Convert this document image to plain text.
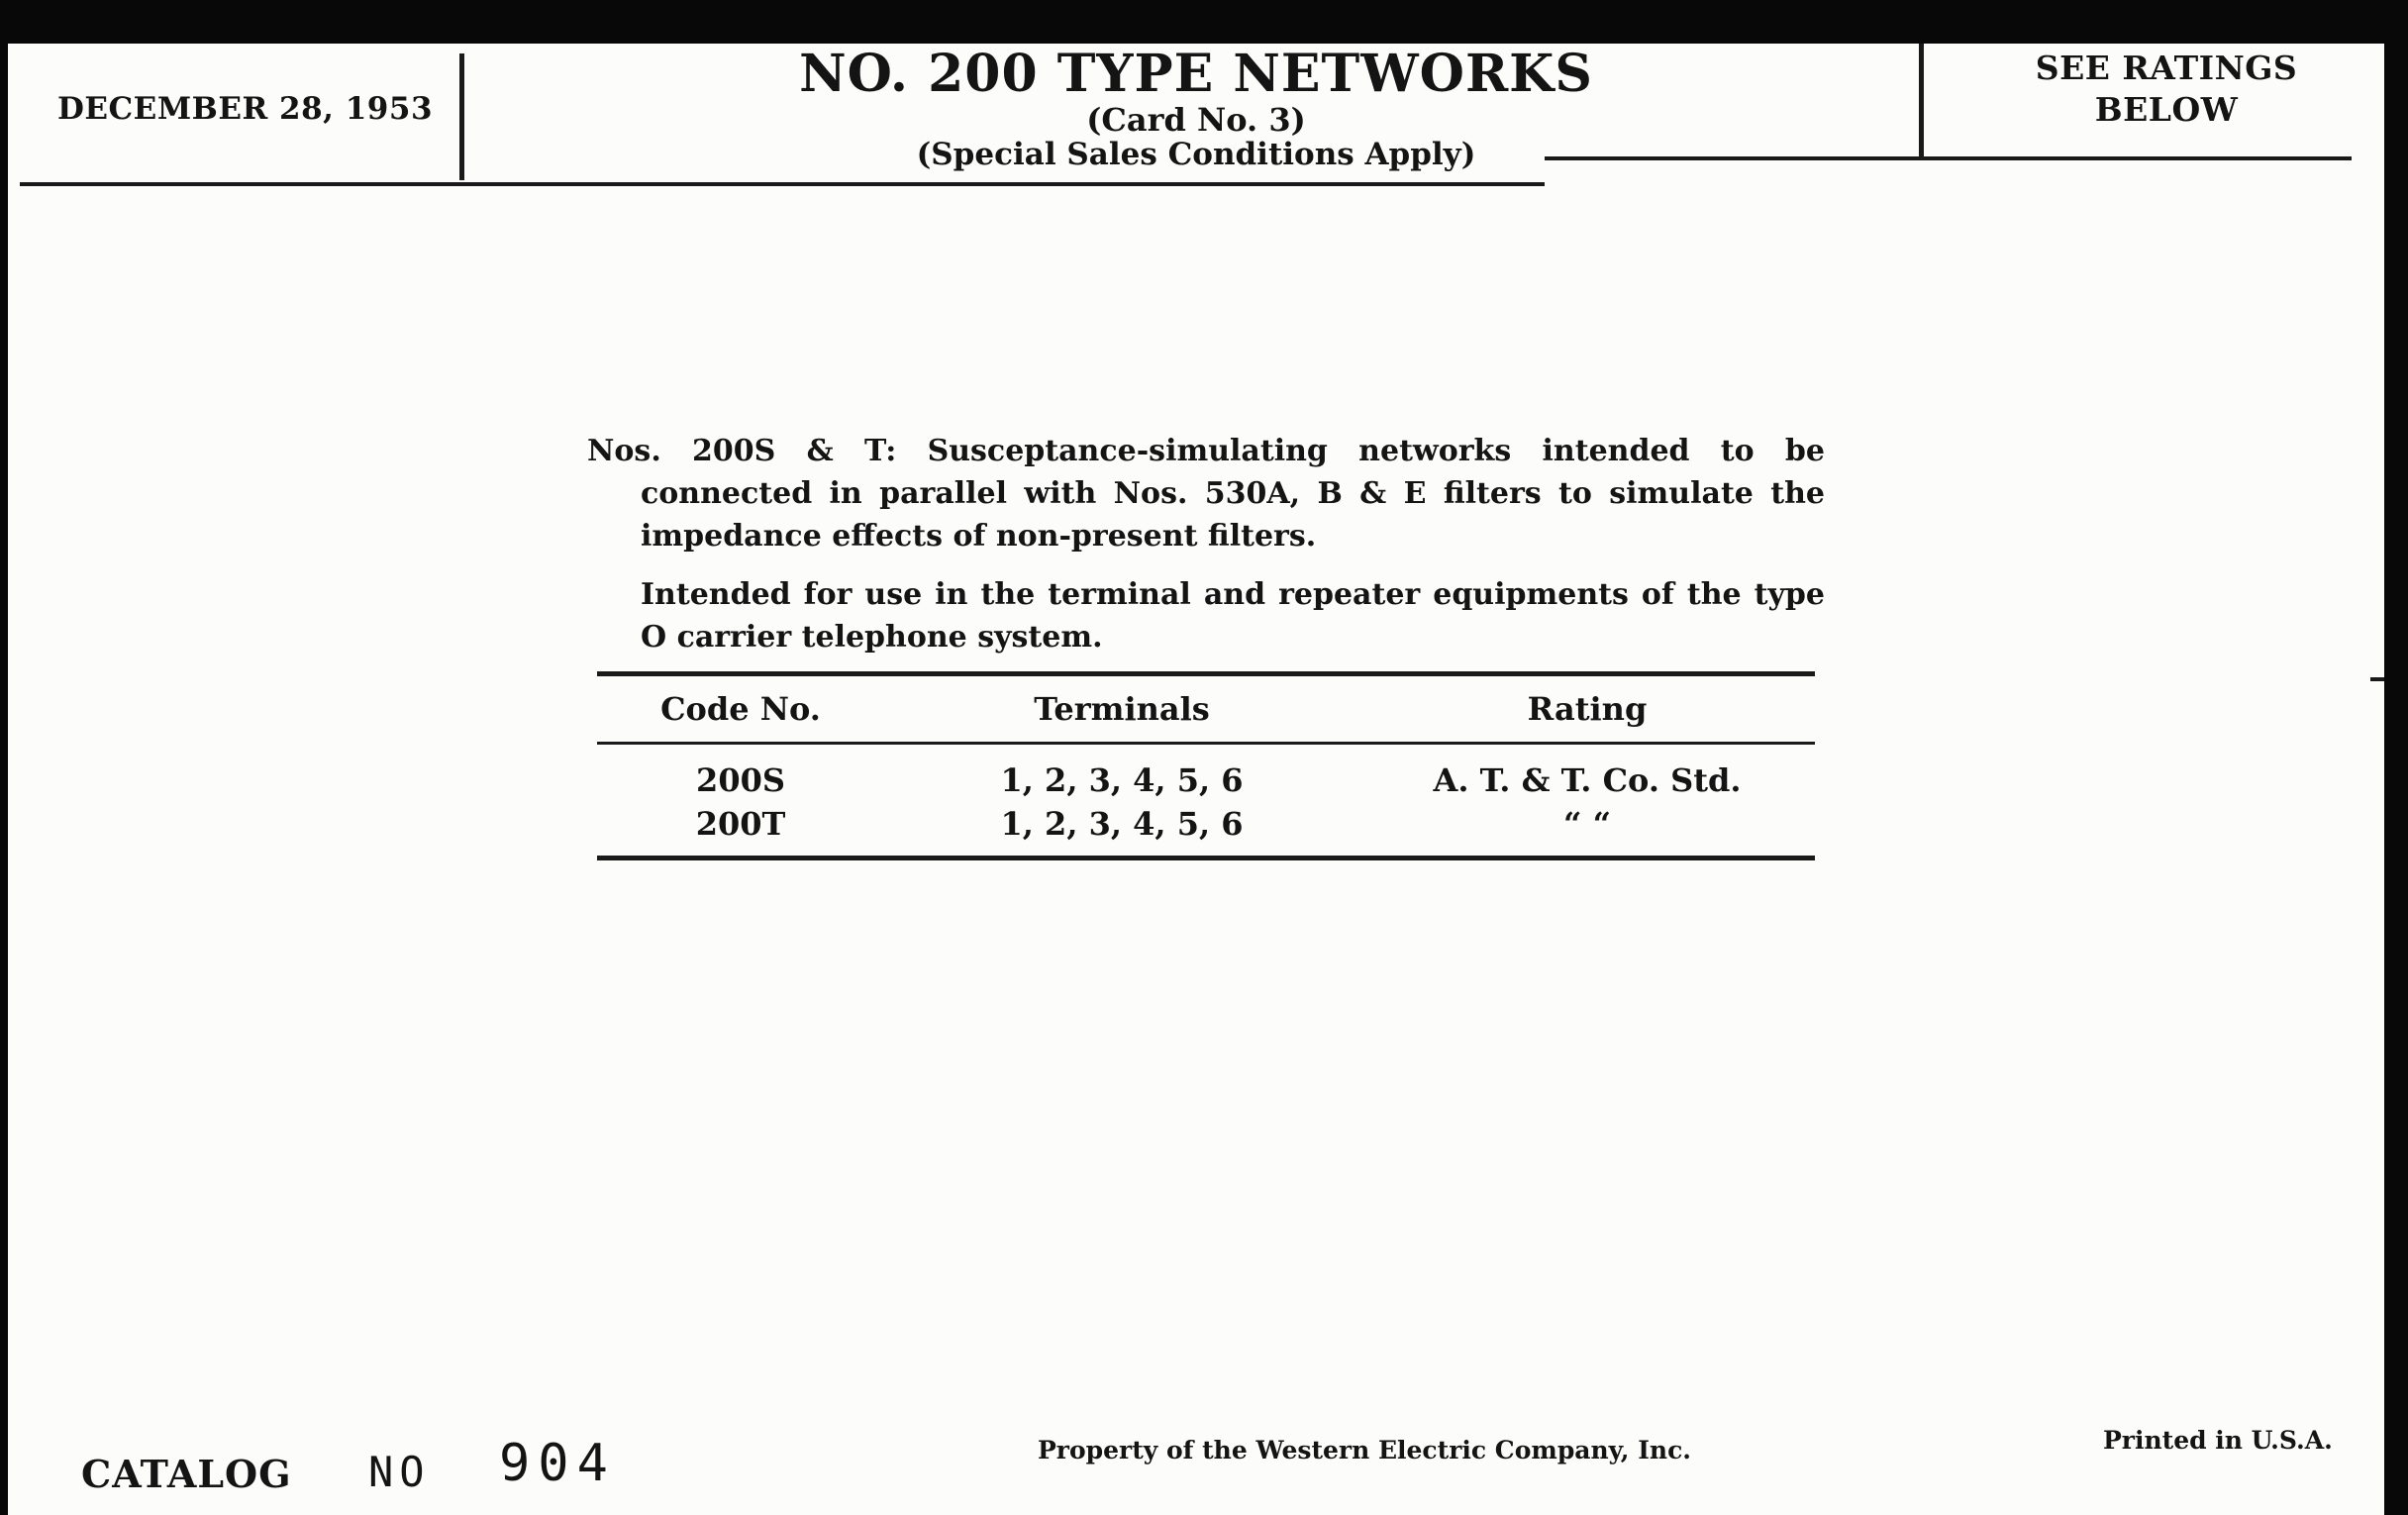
DECEMBER 28, 1953
NO. 200 TYPE NETWORKS
(Card No. 3)
(Special Sales Conditions Apply)
SEE RATINGS
BELOW

Nos. 200S & T: Susceptance-simulating networks intended to be connected in parallel with Nos. 530A, B & E filters to simulate the impedance effects of non-present filters.

Intended for use in the terminal and repeater equipments of the type O carrier telephone system.

Code No.	Terminals	Rating
200S	1, 2, 3, 4, 5, 6	A. T. & T. Co. Std.
200T	1, 2, 3, 4, 5, 6	“ “
CATALOG NO 904	Property of the Western Electric Company, Inc.	Printed in U.S.A.
